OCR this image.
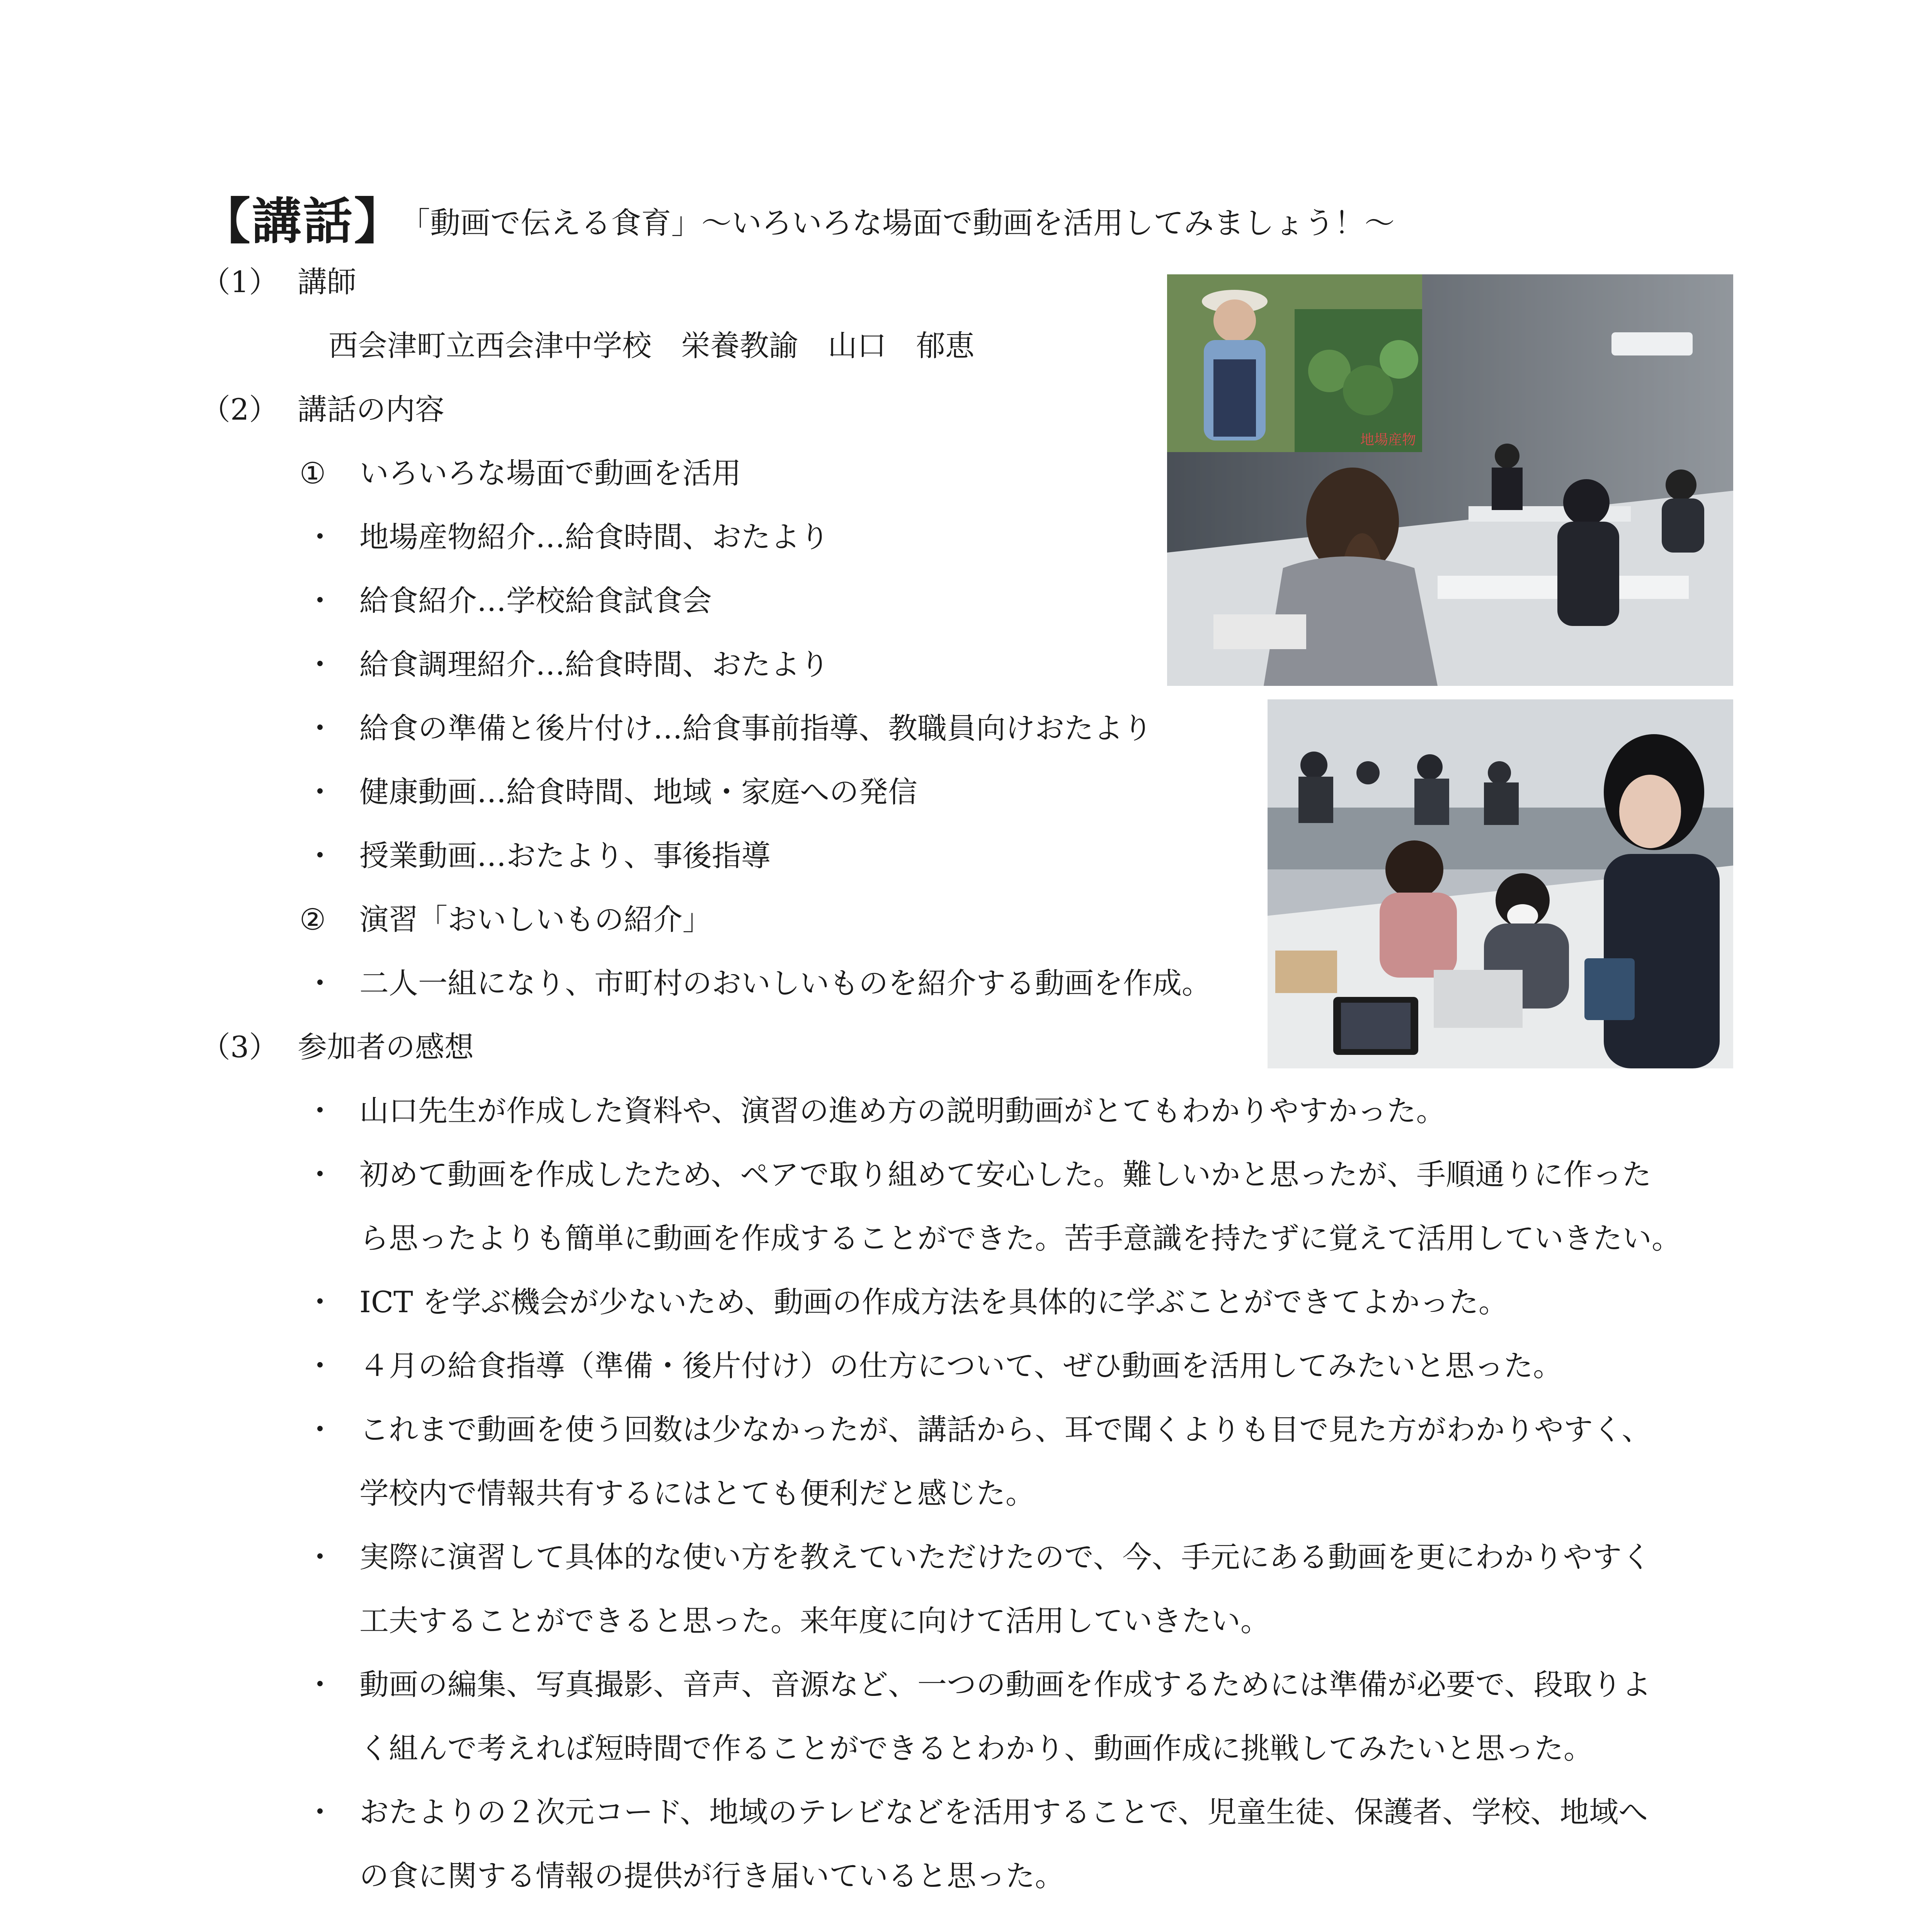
【講話】
「動画で伝える食育」～いろいろな場面で動画を活用してみましょう！～
（1） 講師
西会津町立西会津中学校　栄養教諭　山口　郁恵
（2） 講話の内容
① いろいろな場面で動画を活用
・ 地場産物紹介…給食時間、おたより
・ 給食紹介…学校給食試食会
・ 給食調理紹介…給食時間、おたより
・ 給食の準備と後片付け…給食事前指導、教職員向けおたより
・ 健康動画…給食時間、地域・家庭への発信
・ 授業動画…おたより、事後指導
② 演習「おいしいもの紹介」
・ 二人一組になり、市町村のおいしいものを紹介する動画を作成。
（3） 参加者の感想
・ 山口先生が作成した資料や、演習の進め方の説明動画がとてもわかりやすかった。
・ 初めて動画を作成したため、ペアで取り組めて安心した。難しいかと思ったが、手順通りに作った
ら思ったよりも簡単に動画を作成することができた。苦手意識を持たずに覚えて活用していきたい。
・ ICT を学ぶ機会が少ないため、動画の作成方法を具体的に学ぶことができてよかった。
・ ４月の給食指導（準備・後片付け）の仕方について、ぜひ動画を活用してみたいと思った。
・ これまで動画を使う回数は少なかったが、講話から、耳で聞くよりも目で見た方がわかりやすく、
学校内で情報共有するにはとても便利だと感じた。
・ 実際に演習して具体的な使い方を教えていただけたので、今、手元にある動画を更にわかりやすく
工夫することができると思った。来年度に向けて活用していきたい。
・ 動画の編集、写真撮影、音声、音源など、一つの動画を作成するためには準備が必要で、段取りよ
く組んで考えれば短時間で作ることができるとわかり、動画作成に挑戦してみたいと思った。
・ おたよりの２次元コード、地域のテレビなどを活用することで、児童生徒、保護者、学校、地域へ
の食に関する情報の提供が行き届いていると思った。
地場産物
